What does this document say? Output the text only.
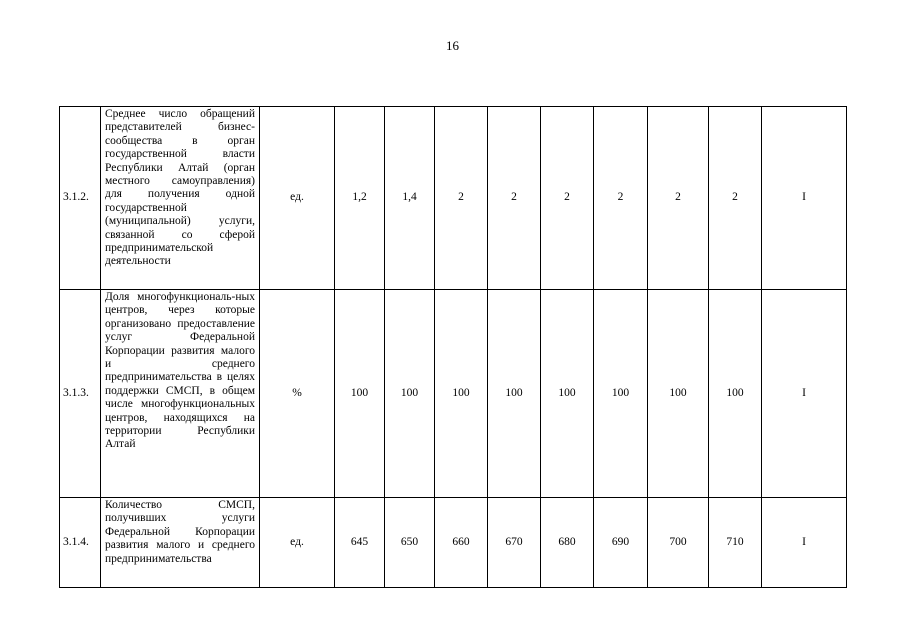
16
3.1.2.	Среднее число обращений представителей бизнес-сообщества в орган государственной власти Республики Алтай (орган местного самоуправления) для получения одной государственной (муниципальной) услуги, связанной со сферой предпринимательской деятельности	ед.	1,2	1,4	2	2	2	2	2	2	I
3.1.3.	Доля многофункциональ-ных центров, через которые организовано предоставление услуг Федеральной Корпорации развития малого и среднего предпринимательства в целях поддержки СМСП, в общем числе многофункциональных центров, находящихся на территории Республики Алтай	%	100	100	100	100	100	100	100	100	I
3.1.4.	Количество СМСП, получивших услуги Федеральной Корпорации развития малого и среднего предпринимательства	ед.	645	650	660	670	680	690	700	710	I
